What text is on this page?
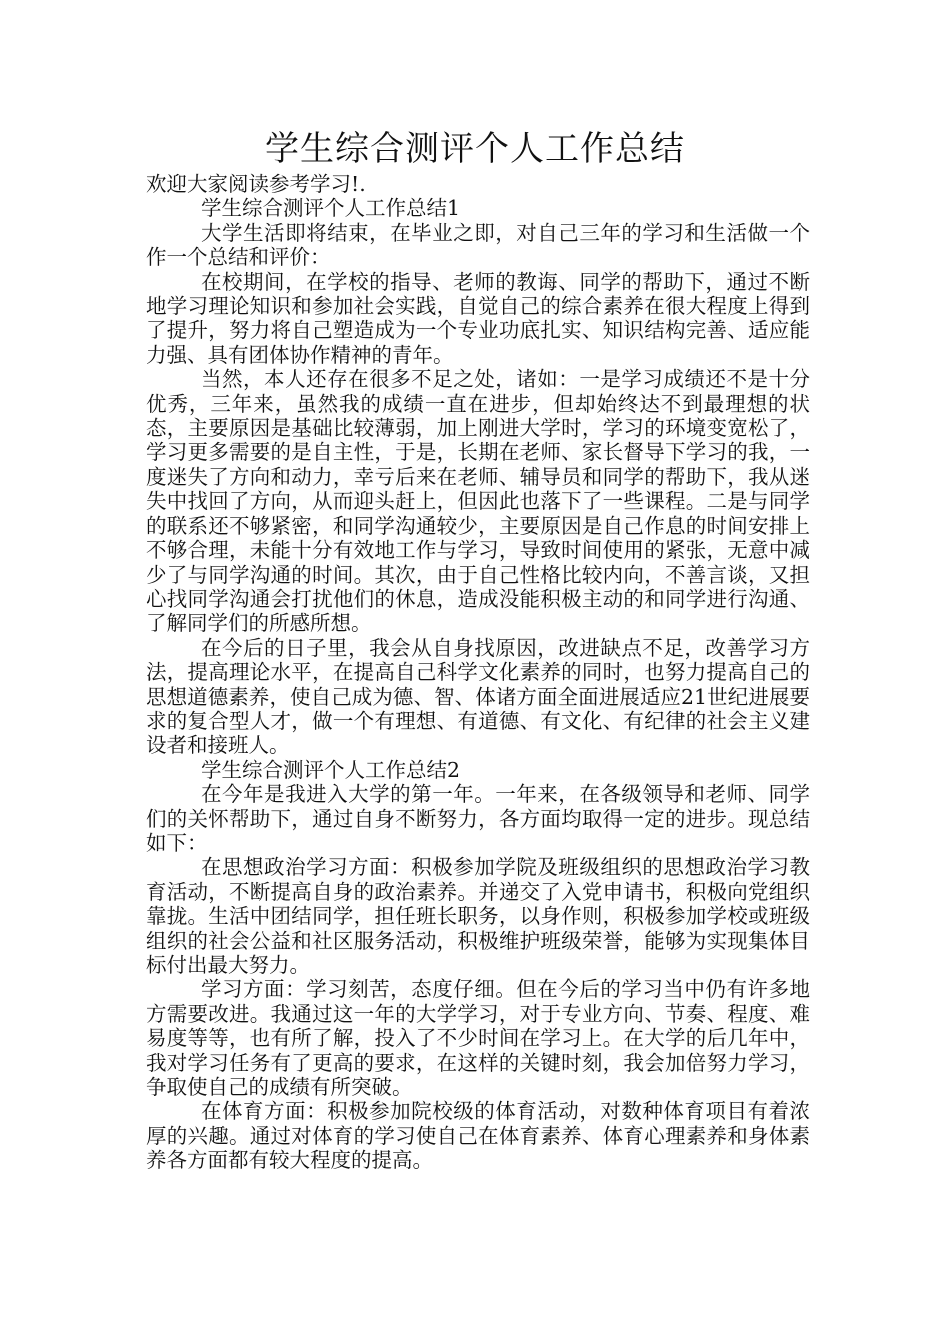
学生综合测评个人工作总结

欢迎大家阅读参考学习!.

学生综合测评个人工作总结1

大学生活即将结束，在毕业之即，对自己三年的学习和生活做一个作一个总结和评价：

在校期间，在学校的指导、老师的教诲、同学的帮助下，通过不断地学习理论知识和参加社会实践，自觉自己的综合素养在很大程度上得到了提升，努力将自己塑造成为一个专业功底扎实、知识结构完善、适应能力强、具有团体协作精神的青年。

当然，本人还存在很多不足之处，诸如：一是学习成绩还不是十分优秀，三年来，虽然我的成绩一直在进步，但却始终达不到最理想的状态，主要原因是基础比较薄弱，加上刚进大学时，学习的环境变宽松了，学习更多需要的是自主性，于是，长期在老师、家长督导下学习的我，一度迷失了方向和动力，幸亏后来在老师、辅导员和同学的帮助下，我从迷失中找回了方向，从而迎头赶上，但因此也落下了一些课程。二是与同学的联系还不够紧密，和同学沟通较少，主要原因是自己作息的时间安排上不够合理，未能十分有效地工作与学习，导致时间使用的紧张，无意中减少了与同学沟通的时间。其次，由于自己性格比较内向，不善言谈，又担心找同学沟通会打扰他们的休息，造成没能积极主动的和同学进行沟通、了解同学们的所感所想。

在今后的日子里，我会从自身找原因，改进缺点不足，改善学习方法，提高理论水平，在提高自己科学文化素养的同时，也努力提高自己的思想道德素养，使自己成为德、智、体诸方面全面进展适应21世纪进展要求的复合型人才，做一个有理想、有道德、有文化、有纪律的社会主义建设者和接班人。

学生综合测评个人工作总结2

在今年是我进入大学的第一年。一年来，在各级领导和老师、同学们的关怀帮助下，通过自身不断努力，各方面均取得一定的进步。现总结如下：

在思想政治学习方面：积极参加学院及班级组织的思想政治学习教育活动，不断提高自身的政治素养。并递交了入党申请书，积极向党组织靠拢。生活中团结同学，担任班长职务，以身作则，积极参加学校或班级组织的社会公益和社区服务活动，积极维护班级荣誉，能够为实现集体目标付出最大努力。

学习方面：学习刻苦，态度仔细。但在今后的学习当中仍有许多地方需要改进。我通过这一年的大学学习，对于专业方向、节奏、程度、难易度等等，也有所了解，投入了不少时间在学习上。在大学的后几年中，我对学习任务有了更高的要求，在这样的关键时刻，我会加倍努力学习，争取使自己的成绩有所突破。

在体育方面：积极参加院校级的体育活动，对数种体育项目有着浓厚的兴趣。通过对体育的学习使自己在体育素养、体育心理素养和身体素养各方面都有较大程度的提高。
